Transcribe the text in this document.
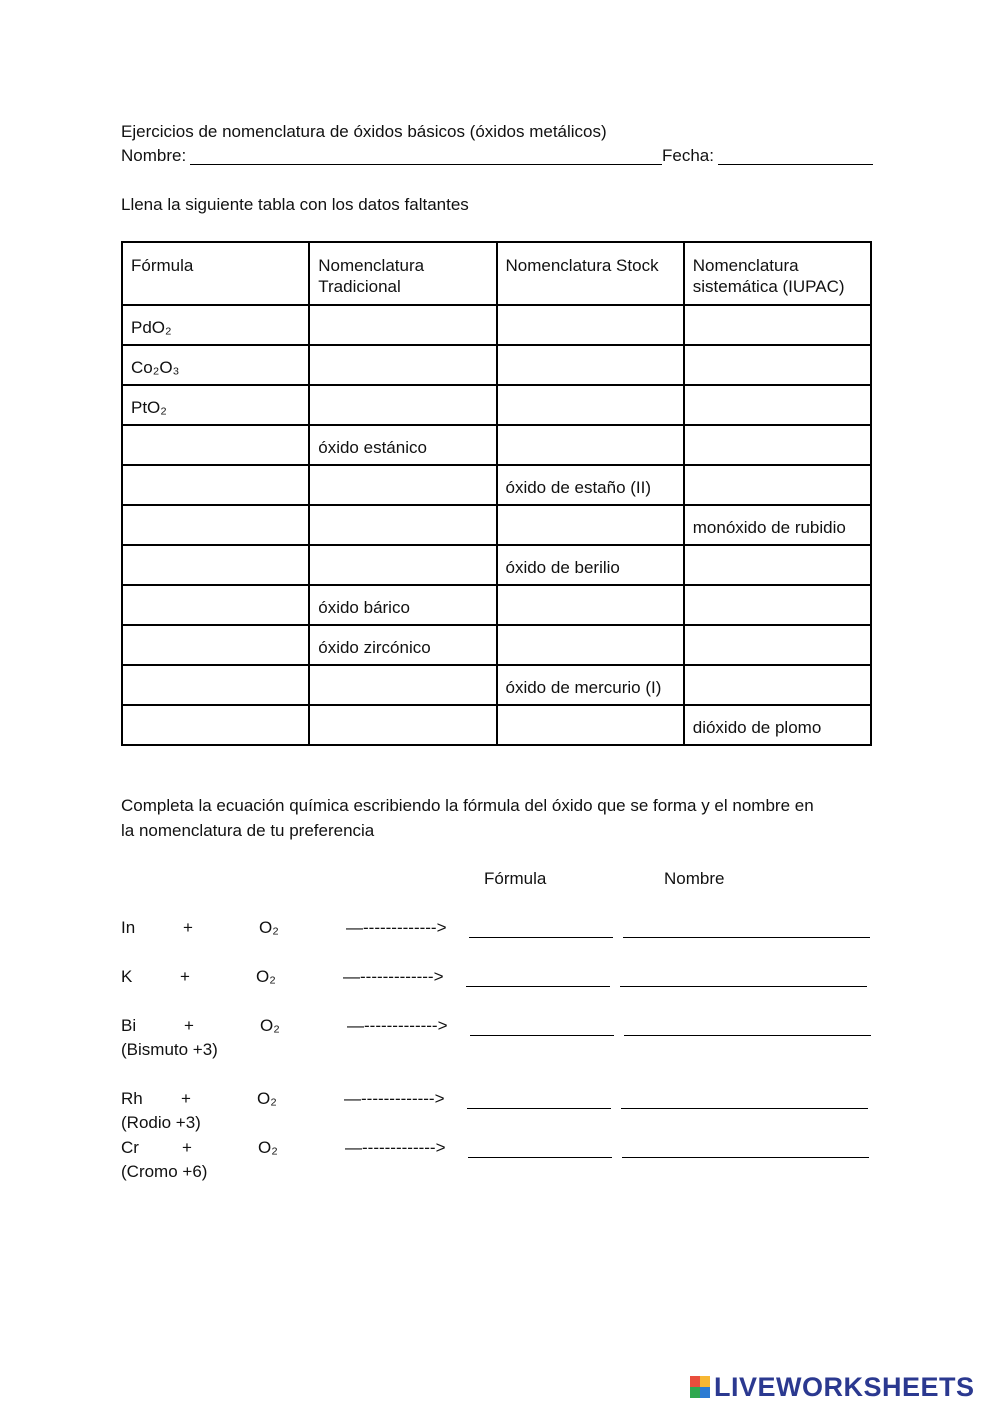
Ejercicios de nomenclatura de óxidos básicos (óxidos metálicos)
Nombre:	Fecha:
Llena la siguiente tabla con los datos faltantes
Fórmula	Nomenclatura Tradicional	Nomenclatura Stock	Nomenclatura sistemática (IUPAC)
PdO₂			
Co₂O₃			
PtO₂			
	óxido estánico		
		óxido de estaño (II)	
			monóxido de rubidio
		óxido de berilio	
	óxido bárico		
	óxido zircónico		
		óxido de mercurio (I)	
			dióxido de plomo
Completa la ecuación química escribiendo la fórmula del óxido que se forma y el nombre en
la nomenclatura de tu preferencia
Fórmula	Nombre
In	+	O₂	—------------->
K	+	O₂	—------------->
Bi	+	O₂	—------------->
(Bismuto +3)
Rh +	O₂	—------------->
(Rodio +3)
Cr	+	O₂	—------------->
(Cromo +6)
LIVEWORKSHEETS
